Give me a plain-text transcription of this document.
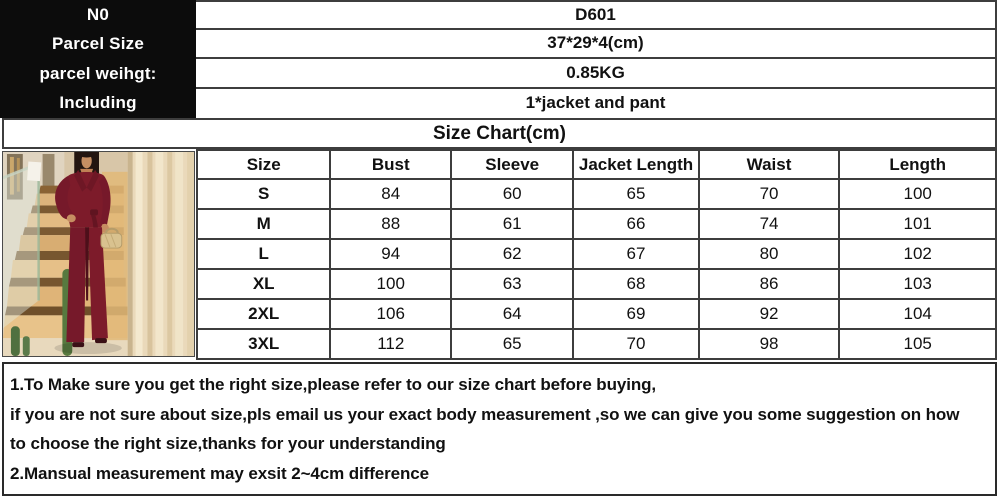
N0	D601
Parcel Size	37*29*4(cm)
parcel weihgt:	0.85KG
Including	1*jacket and pant
Size Chart(cm)
Size	Bust	Sleeve	Jacket Length	Waist	Length
S	84	60	65	70	100
M	88	61	66	74	101
L	94	62	67	80	102
XL	100	63	68	86	103
2XL	106	64	69	92	104
3XL	112	65	70	98	105
1.To Make sure you get the right size,please refer to our size chart before buying,
if you are not sure about size,pls email us your exact body measurement ,so we can give you some suggestion on how
to choose the right size,thanks for your understanding
2.Mansual measurement may exsit 2~4cm difference
